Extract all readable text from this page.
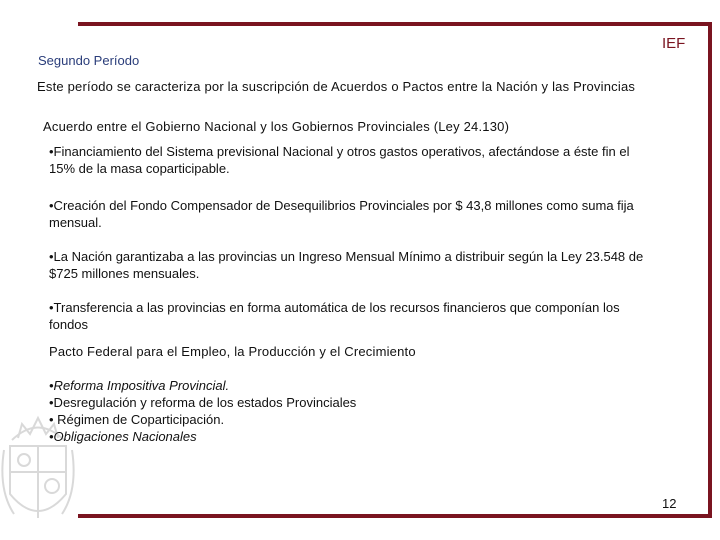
IEF
Segundo Período
Este período se caracteriza por la suscripción de Acuerdos o Pactos entre la Nación y las Provincias
Acuerdo entre el Gobierno Nacional y los Gobiernos Provinciales (Ley 24.130)
•Financiamiento del Sistema previsional Nacional y otros gastos operativos, afectándose a éste fin el 15% de la masa coparticipable.
•Creación del Fondo Compensador de Desequilibrios Provinciales por $ 43,8 millones como suma fija mensual.
•La Nación garantizaba a las provincias un Ingreso Mensual Mínimo a distribuir según la Ley 23.548 de $725 millones mensuales.
•Transferencia a las provincias en forma automática de los recursos financieros que componían los fondos
Pacto Federal para el Empleo, la Producción y el Crecimiento
•Reforma Impositiva Provincial.
•Desregulación y reforma de los estados Provinciales
• Régimen de Coparticipación.
•Obligaciones Nacionales
12
